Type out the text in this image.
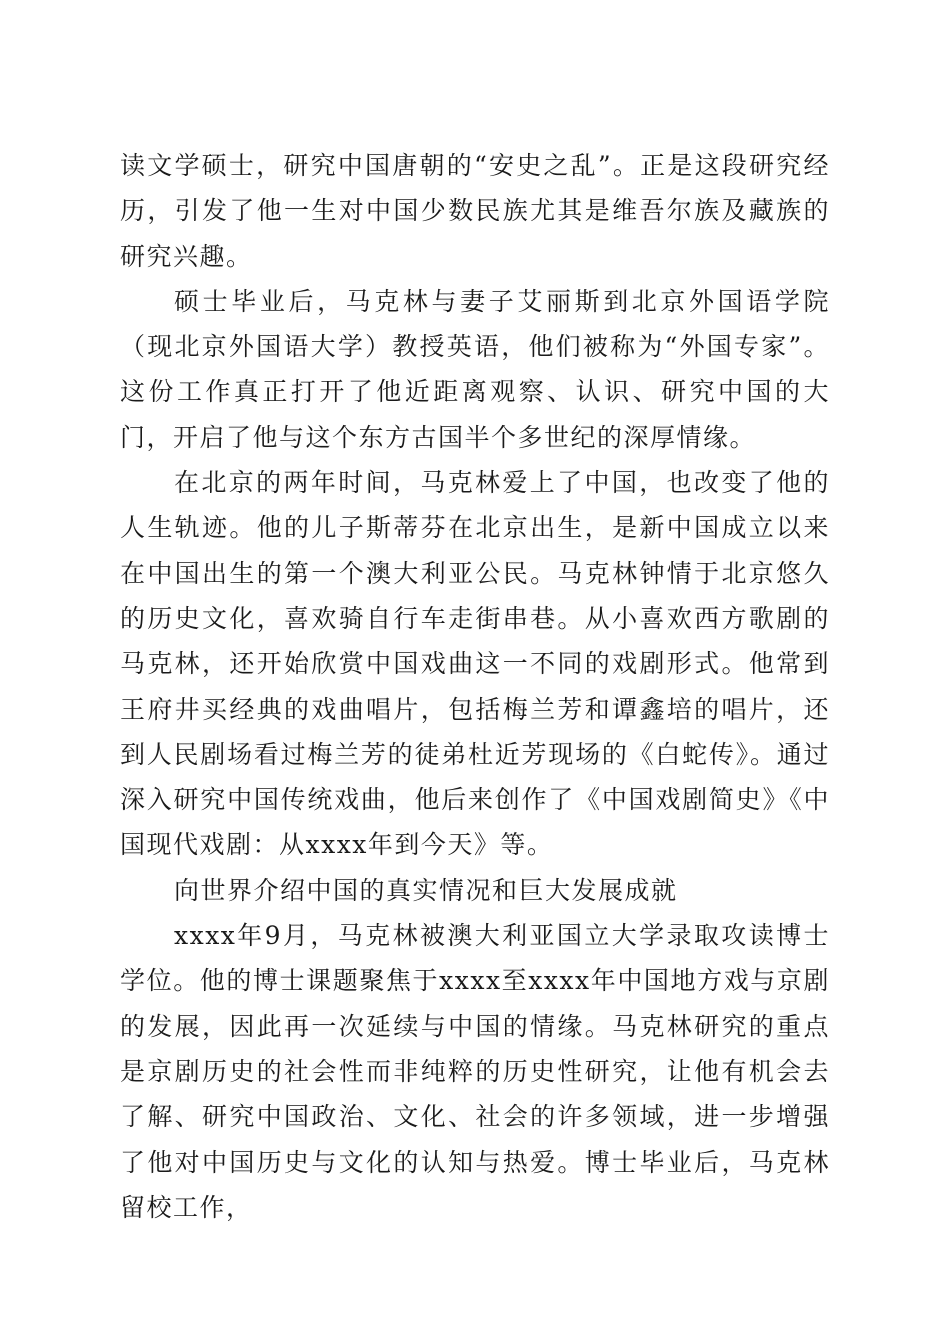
读文学硕士，研究中国唐朝的“安史之乱”。正是这段研究经历，引发了他一生对中国少数民族尤其是维吾尔族及藏族的研究兴趣。

硕士毕业后，马克林与妻子艾丽斯到北京外国语学院（现北京外国语大学）教授英语，他们被称为“外国专家”。这份工作真正打开了他近距离观察、认识、研究中国的大门，开启了他与这个东方古国半个多世纪的深厚情缘。

在北京的两年时间，马克林爱上了中国，也改变了他的人生轨迹。他的儿子斯蒂芬在北京出生，是新中国成立以来在中国出生的第一个澳大利亚公民。马克林钟情于北京悠久的历史文化，喜欢骑自行车走街串巷。从小喜欢西方歌剧的马克林，还开始欣赏中国戏曲这一不同的戏剧形式。他常到王府井买经典的戏曲唱片，包括梅兰芳和谭鑫培的唱片，还到人民剧场看过梅兰芳的徒弟杜近芳现场的《白蛇传》。通过深入研究中国传统戏曲，他后来创作了《中国戏剧简史》《中国现代戏剧：从xxxx年到今天》等。

向世界介绍中国的真实情况和巨大发展成就

xxxx年9月，马克林被澳大利亚国立大学录取攻读博士学位。他的博士课题聚焦于xxxx至xxxx年中国地方戏与京剧的发展，因此再一次延续与中国的情缘。马克林研究的重点是京剧历史的社会性而非纯粹的历史性研究，让他有机会去了解、研究中国政治、文化、社会的许多领域，进一步增强了他对中国历史与文化的认知与热爱。博士毕业后，马克林留校工作，
